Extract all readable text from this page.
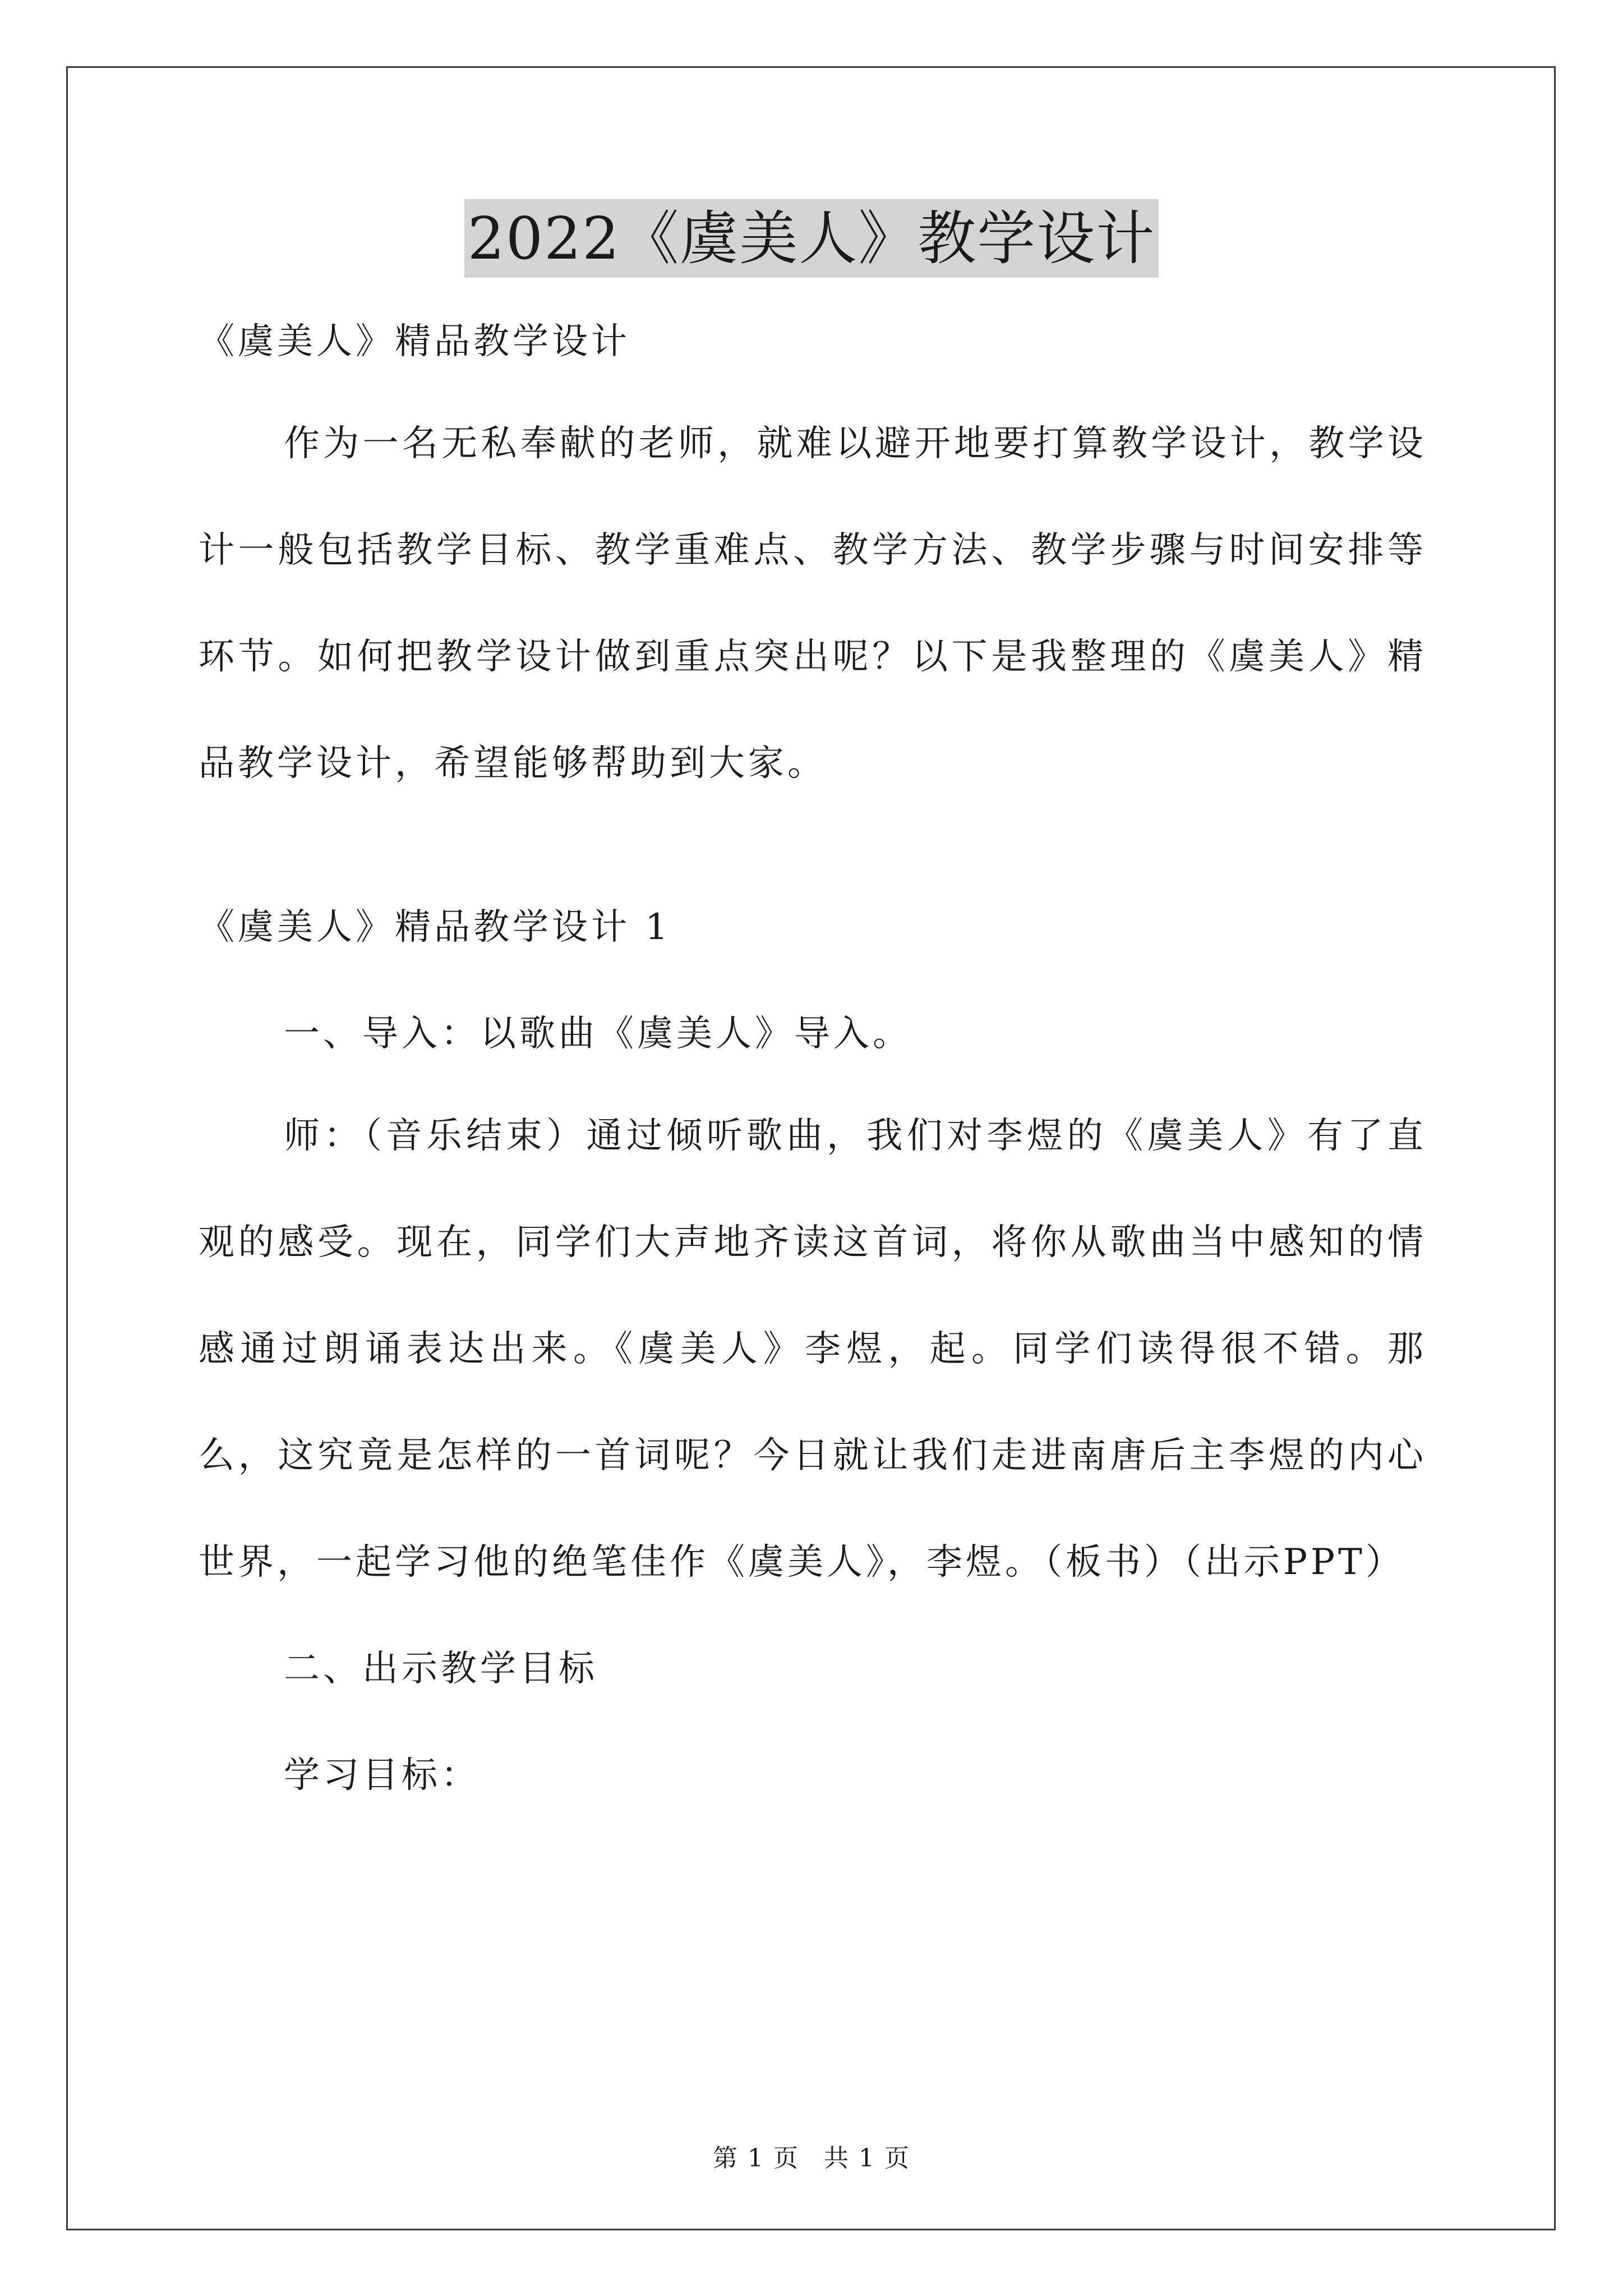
2022《虞美人》教学设计

《虞美人》精品教学设计

作为一名无私奉献的老师，就难以避开地要打算教学设计，教学设计一般包括教学目标、教学重难点、教学方法、教学步骤与时间安排等环节。如何把教学设计做到重点突出呢？以下是我整理的《虞美人》精品教学设计，希望能够帮助到大家。

《虞美人》精品教学设计 1

一、导入：以歌曲《虞美人》导入。

师：（音乐结束）通过倾听歌曲，我们对李煜的《虞美人》有了直观的感受。现在，同学们大声地齐读这首词，将你从歌曲当中感知的情感通过朗诵表达出来。《虞美人》李煜，起。同学们读得很不错。那么，这究竟是怎样的一首词呢？今日就让我们走进南唐后主李煜的内心世界，一起学习他的绝笔佳作《虞美人》，李煜。（板书）（出示PPT）

二、出示教学目标

学习目标：

第 1 页 共 1 页
